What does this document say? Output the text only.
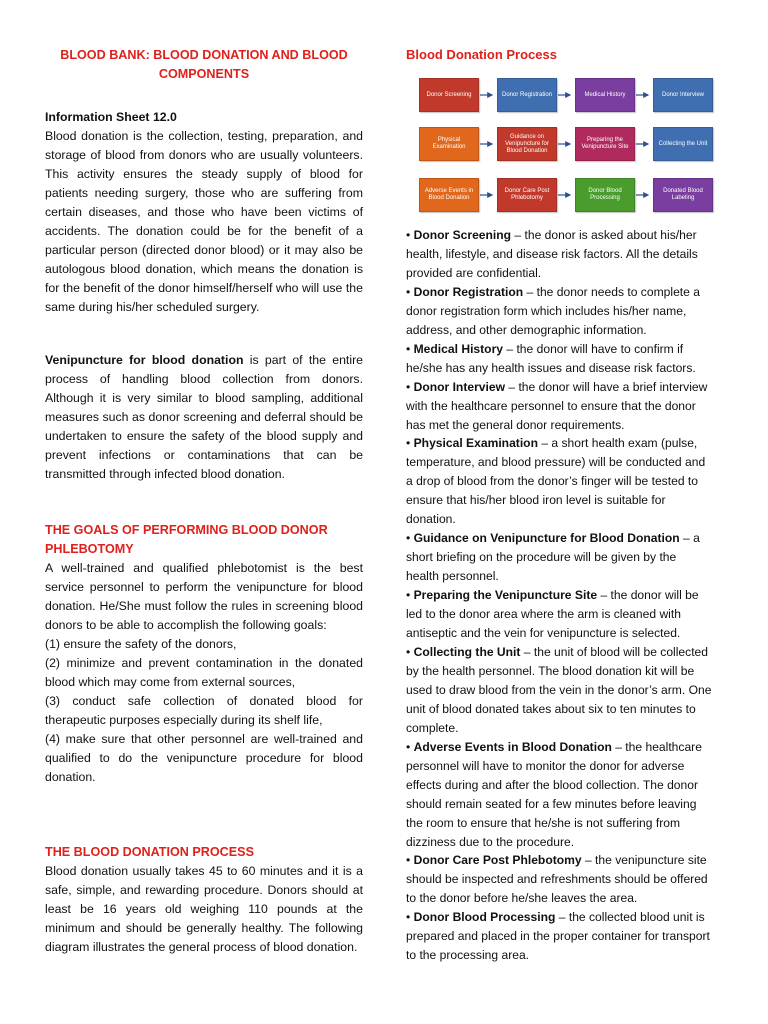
BLOOD BANK: BLOOD DONATION AND BLOOD
COMPONENTS

Information Sheet 12.0

Blood donation is the collection, testing, preparation, and storage of blood from donors who are usually volunteers. This activity ensures the steady supply of blood for patients needing surgery, those who are suffering from certain diseases, and those who have been victims of accidents. The donation could be for the benefit of a particular person (directed donor blood) or it may also be autologous blood donation, which means the donation is for the benefit of the donor himself/herself who will use the same during his/her scheduled surgery.

Venipuncture for blood donation is part of the entire process of handling blood collection from donors. Although it is very similar to blood sampling, additional measures such as donor screening and deferral should be undertaken to ensure the safety of the blood supply and prevent infections or contaminations that can be transmitted through infected blood donation.
THE GOALS OF PERFORMING BLOOD DONOR PHLEBOTOMY

A well-trained and qualified phlebotomist is the best service personnel to perform the venipuncture for blood donation. He/She must follow the rules in screening blood donors to be able to accomplish the following goals:

(1) ensure the safety of the donors,

(2) minimize and prevent contamination in the donated blood which may come from external sources,

(3) conduct safe collection of donated blood for therapeutic purposes especially during its shelf life,

(4) make sure that other personnel are well-trained and qualified to do the venipuncture procedure for blood donation.

THE BLOOD DONATION PROCESS

Blood donation usually takes 45 to 60 minutes and it is a safe, simple, and rewarding procedure. Donors should at least be 16 years old weighing 110 pounds at the minimum and should be generally healthy. The following diagram illustrates the general process of blood donation.

Blood Donation Process
Donor Screening	Donor Registration	Medical History	Donor Interview
Physical Examination
Guidance on Venipuncture for Blood Donation
Preparing the Venipuncture Site
Collecting the Unit
Adverse Events in Blood Donation
Donor Care Post Phlebotomy
Donor Blood Processing
Donated Blood Labeling

• Donor Screening – the donor is asked about his/her health, lifestyle, and disease risk factors. All the details provided are confidential.

• Donor Registration – the donor needs to complete a donor registration form which includes his/her name, address, and other demographic information.

• Medical History – the donor will have to confirm if he/she has any health issues and disease risk factors.

• Donor Interview – the donor will have a brief interview with the healthcare personnel to ensure that the donor has met the general donor requirements.

• Physical Examination – a short health exam (pulse, temperature, and blood pressure) will be conducted and a drop of blood from the donor’s finger will be tested to ensure that his/her blood iron level is suitable for donation.

• Guidance on Venipuncture for Blood Donation – a short briefing on the procedure will be given by the health personnel.

• Preparing the Venipuncture Site – the donor will be led to the donor area where the arm is cleaned with antiseptic and the vein for venipuncture is selected.

• Collecting the Unit – the unit of blood will be collected by the health personnel. The blood donation kit will be used to draw blood from the vein in the donor’s arm. One unit of blood donated takes about six to ten minutes to complete.

• Adverse Events in Blood Donation – the healthcare personnel will have to monitor the donor for adverse effects during and after the blood collection. The donor should remain seated for a few minutes before leaving the room to ensure that he/she is not suffering from dizziness due to the procedure.

• Donor Care Post Phlebotomy – the venipuncture site should be inspected and refreshments should be offered to the donor before he/she leaves the area.

• Donor Blood Processing – the collected blood unit is prepared and placed in the proper container for transport to the processing area.
